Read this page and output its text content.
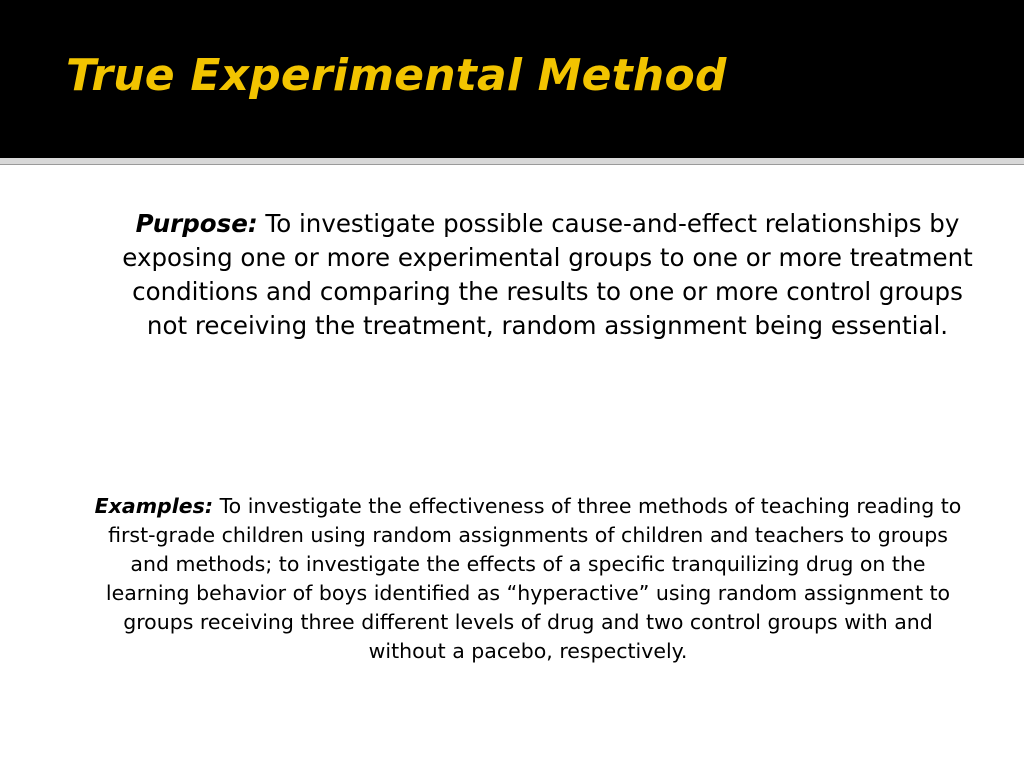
True Experimental Method

Purpose: To investigate possible cause-and-effect relationships by exposing one or more experimental groups to one or more treatment conditions and comparing the results to one or more control groups not receiving the treatment, random assignment being essential.

Examples: To investigate the effectiveness of three methods of teaching reading to first-grade children using random assignments of children and teachers to groups and methods; to investigate the effects of a specific tranquilizing drug on the learning behavior of boys identified as “hyperactive” using random assignment to groups receiving three different levels of drug and two control groups with and without a pacebo, respectively.
